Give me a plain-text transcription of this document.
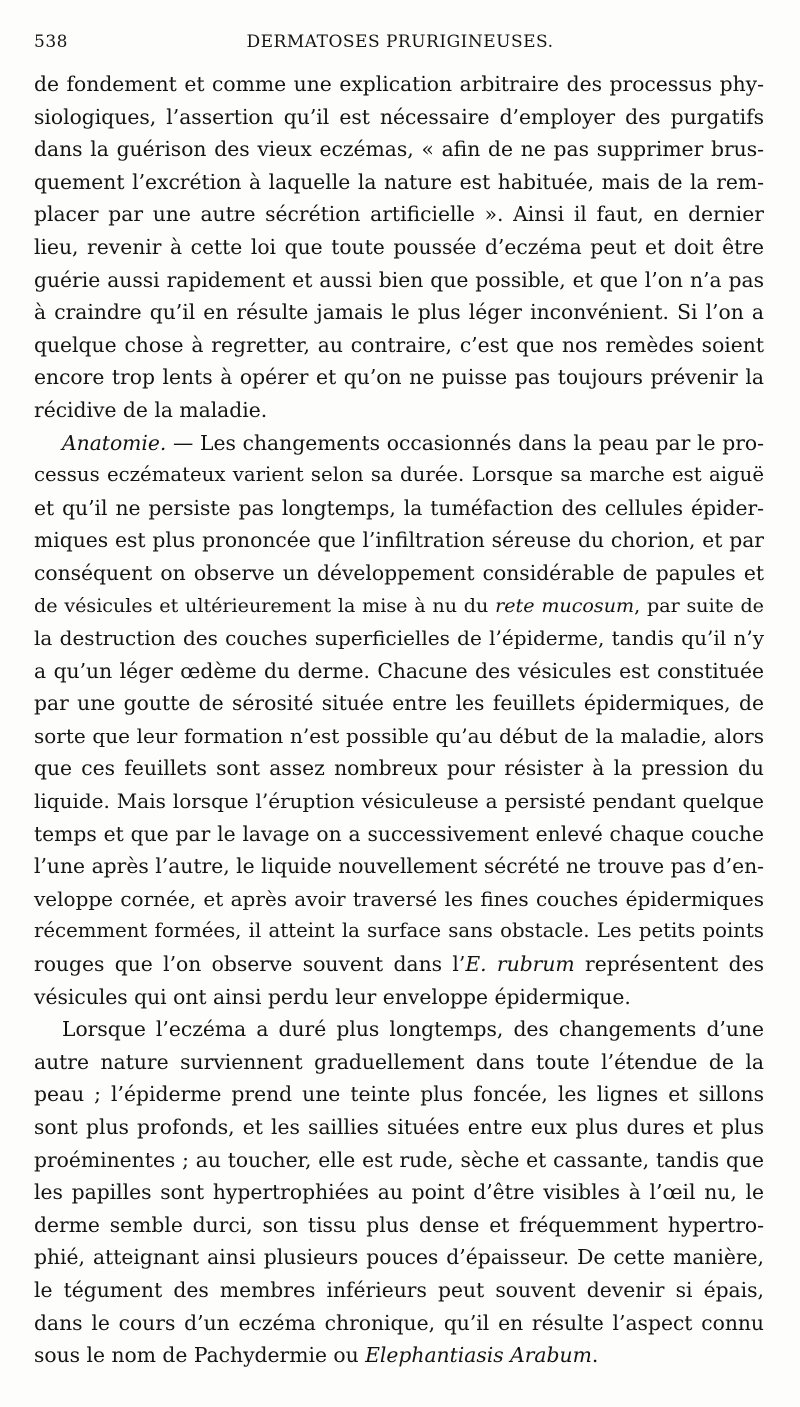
538	DERMATOSES PRURIGINEUSES.
de fondement et comme une explication arbitraire des processus phy-
siologiques, l’assertion qu’il est nécessaire d’employer des purgatifs
dans la guérison des vieux eczémas, « afin de ne pas supprimer brus-
quement l’excrétion à laquelle la nature est habituée, mais de la rem-
placer par une autre sécrétion artificielle ». Ainsi il faut, en dernier
lieu, revenir à cette loi que toute poussée d’eczéma peut et doit être
guérie aussi rapidement et aussi bien que possible, et que l’on n’a pas
à craindre qu’il en résulte jamais le plus léger inconvénient. Si l’on a
quelque chose à regretter, au contraire, c’est que nos remèdes soient
encore trop lents à opérer et qu’on ne puisse pas toujours prévenir la
récidive de la maladie.
Anatomie. — Les changements occasionnés dans la peau par le pro-
cessus eczémateux varient selon sa durée. Lorsque sa marche est aiguë
et qu’il ne persiste pas longtemps, la tuméfaction des cellules épider-
miques est plus prononcée que l’infiltration séreuse du chorion, et par
conséquent on observe un développement considérable de papules et
de vésicules et ultérieurement la mise à nu du rete mucosum, par suite de
la destruction des couches superficielles de l’épiderme, tandis qu’il n’y
a qu’un léger œdème du derme. Chacune des vésicules est constituée
par une goutte de sérosité située entre les feuillets épidermiques, de
sorte que leur formation n’est possible qu’au début de la maladie, alors
que ces feuillets sont assez nombreux pour résister à la pression du
liquide. Mais lorsque l’éruption vésiculeuse a persisté pendant quelque
temps et que par le lavage on a successivement enlevé chaque couche
l’une après l’autre, le liquide nouvellement sécrété ne trouve pas d’en-
veloppe cornée, et après avoir traversé les fines couches épidermiques
récemment formées, il atteint la surface sans obstacle. Les petits points
rouges que l’on observe souvent dans l’E. rubrum représentent des
vésicules qui ont ainsi perdu leur enveloppe épidermique.
Lorsque l’eczéma a duré plus longtemps, des changements d’une
autre nature surviennent graduellement dans toute l’étendue de la
peau ; l’épiderme prend une teinte plus foncée, les lignes et sillons
sont plus profonds, et les saillies situées entre eux plus dures et plus
proéminentes ; au toucher, elle est rude, sèche et cassante, tandis que
les papilles sont hypertrophiées au point d’être visibles à l’œil nu, le
derme semble durci, son tissu plus dense et fréquemment hypertro-
phié, atteignant ainsi plusieurs pouces d’épaisseur. De cette manière,
le tégument des membres inférieurs peut souvent devenir si épais,
dans le cours d’un eczéma chronique, qu’il en résulte l’aspect connu
sous le nom de Pachydermie ou Elephantiasis Arabum.
